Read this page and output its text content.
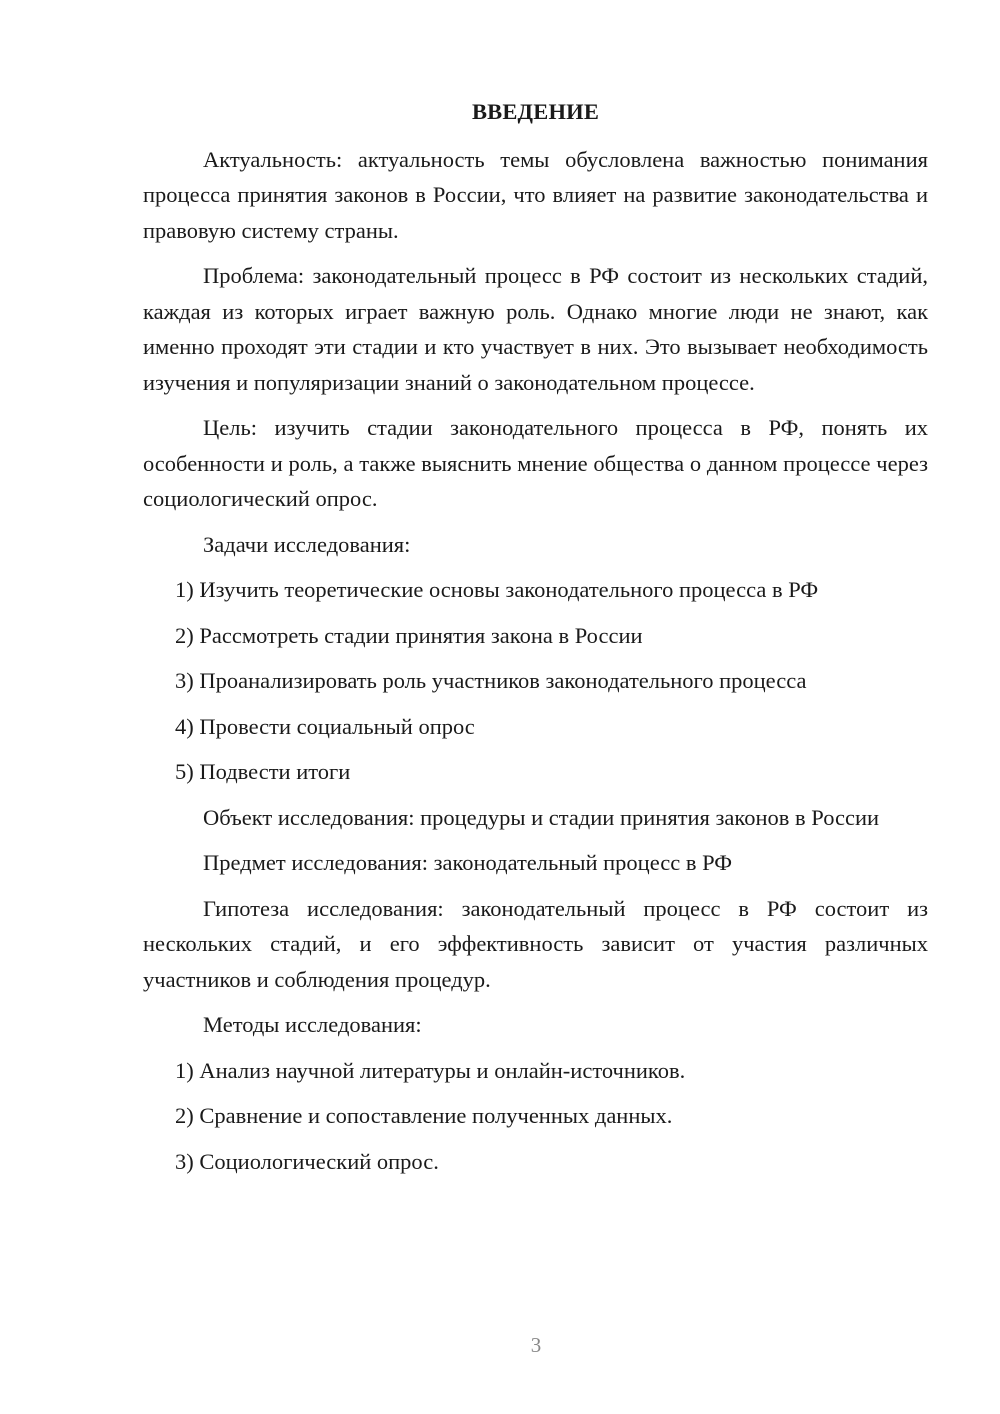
ВВЕДЕНИЕ

Актуальность: актуальность темы обусловлена важностью понимания процесса принятия законов в России, что влияет на развитие законодательства и правовую систему страны.

Проблема: законодательный процесс в РФ состоит из нескольких стадий, каждая из которых играет важную роль. Однако многие люди не знают, как именно проходят эти стадии и кто участвует в них. Это вызывает необходимость изучения и популяризации знаний о законодательном процессе.

Цель: изучить стадии законодательного процесса в РФ, понять их особенности и роль, а также выяснить мнение общества о данном процессе через социологический опрос.

Задачи исследования:

1) Изучить теоретические основы законодательного процесса в РФ

2) Рассмотреть стадии принятия закона в России

3) Проанализировать роль участников законодательного процесса

4) Провести социальный опрос

5) Подвести итоги

Объект исследования: процедуры и стадии принятия законов в России

Предмет исследования: законодательный процесс в РФ

Гипотеза исследования: законодательный процесс в РФ состоит из нескольких стадий, и его эффективность зависит от участия различных участников и соблюдения процедур.

Методы исследования:

1) Анализ научной литературы и онлайн-источников.

2) Сравнение и сопоставление полученных данных.

3) Социологический опрос.

3
